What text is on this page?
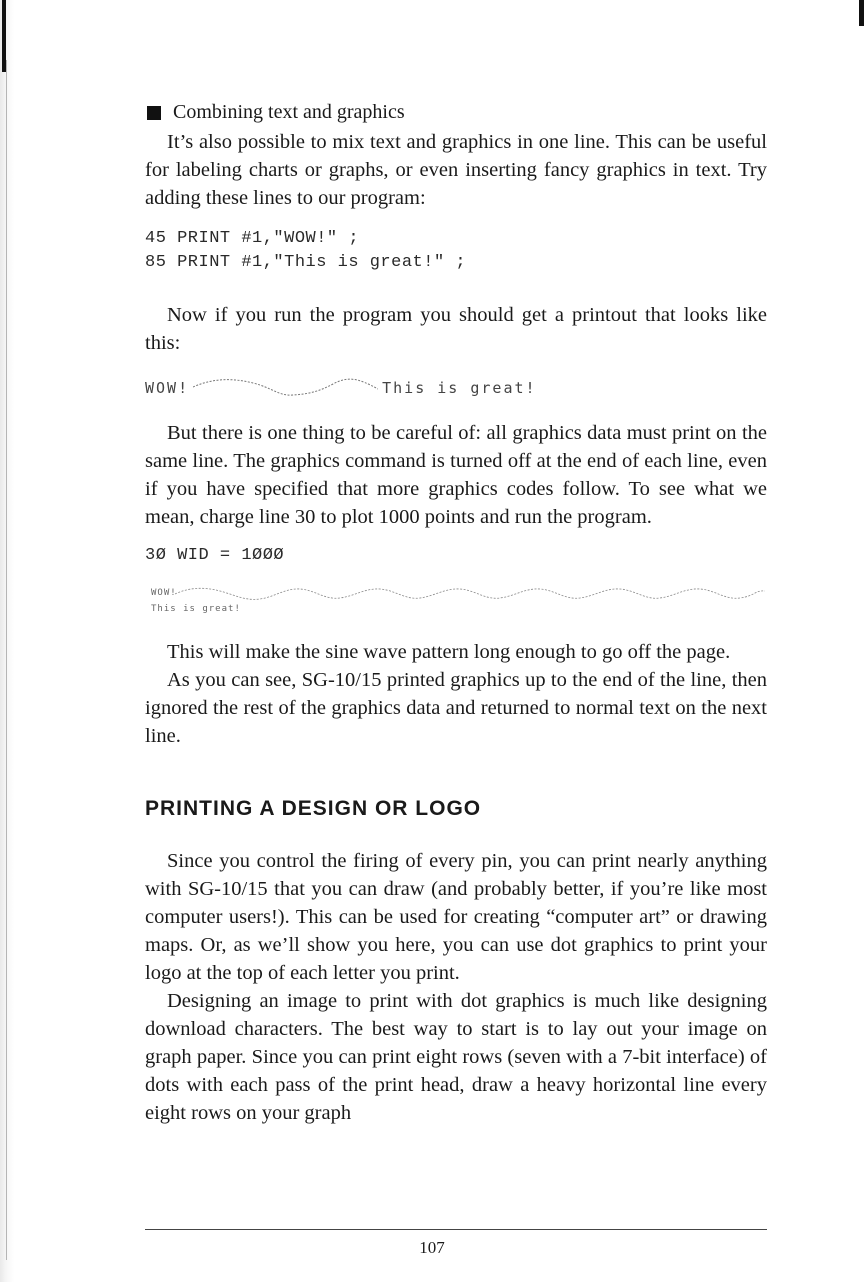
Combining text and graphics

It’s also possible to mix text and graphics in one line. This can be useful for labeling charts or graphs, or even inserting fancy graphics in text. Try adding these lines to our program:

45 PRINT #1,"WOW!" ;

85 PRINT #1,"This is great!" ;

Now if you run the program you should get a printout that looks like this:

WOW!	This is great!

But there is one thing to be careful of: all graphics data must print on the same line. The graphics command is turned off at the end of each line, even if you have specified that more graphics codes follow. To see what we mean, charge line 30 to plot 1000 points and run the program.

3Ø WID = 1ØØØ

WOW!
This is great!

This will make the sine wave pattern long enough to go off the page.

As you can see, SG-10/15 printed graphics up to the end of the line, then ignored the rest of the graphics data and returned to normal text on the next line.

PRINTING A DESIGN OR LOGO

Since you control the firing of every pin, you can print nearly anything with SG-10/15 that you can draw (and probably better, if you’re like most computer users!). This can be used for creating “computer art” or drawing maps. Or, as we’ll show you here, you can use dot graphics to print your logo at the top of each letter you print.

Designing an image to print with dot graphics is much like designing download characters. The best way to start is to lay out your image on graph paper. Since you can print eight rows (seven with a 7-bit interface) of dots with each pass of the print head, draw a heavy horizontal line every eight rows on your graph

107
